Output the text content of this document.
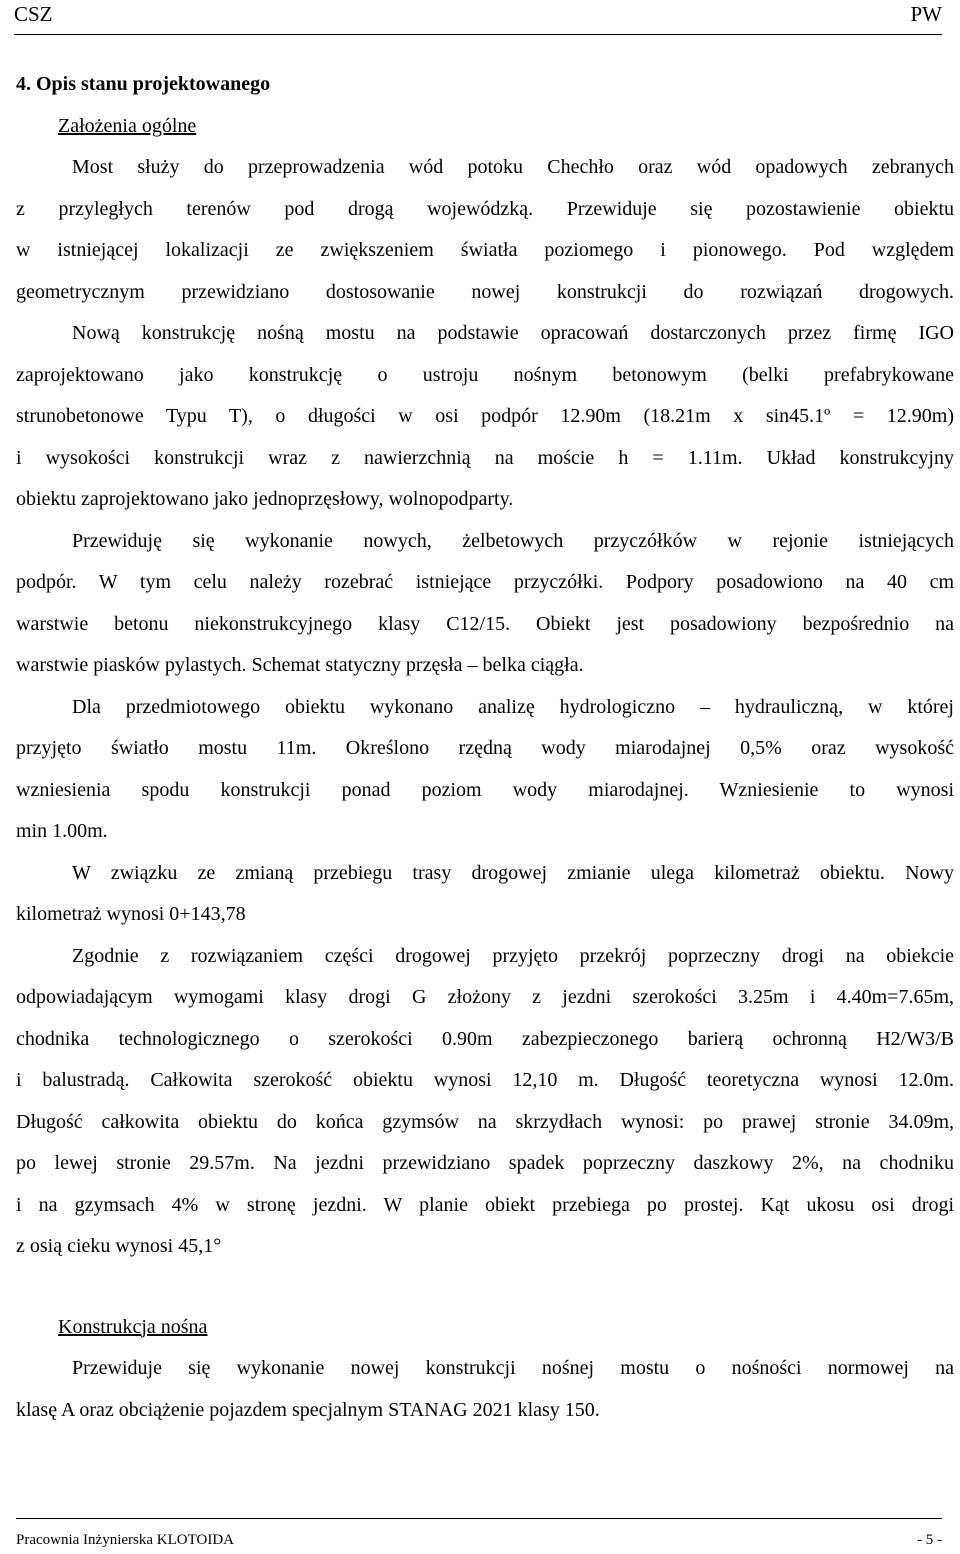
CSZ	PW
4. Opis stanu projektowanego
Założenia ogólne
Most służy do przeprowadzenia wód potoku Chechło oraz wód opadowych zebranych
z przyległych terenów pod drogą wojewódzką. Przewiduje się pozostawienie obiektu
w istniejącej lokalizacji ze zwiększeniem światła poziomego i pionowego. Pod względem
geometrycznym przewidziano dostosowanie nowej konstrukcji do rozwiązań drogowych.
Nową konstrukcję nośną mostu na podstawie opracowań dostarczonych przez firmę IGO
zaprojektowano jako konstrukcję o ustroju nośnym betonowym (belki prefabrykowane
strunobetonowe Typu T), o długości w osi podpór 12.90m (18.21m x sin45.1º = 12.90m)
i wysokości konstrukcji wraz z nawierzchnią na moście h = 1.11m. Układ konstrukcyjny
obiektu zaprojektowano jako jednoprzęsłowy, wolnopodparty.
Przewiduję się wykonanie nowych, żelbetowych przyczółków w rejonie istniejących
podpór. W tym celu należy rozebrać istniejące przyczółki. Podpory posadowiono na 40 cm
warstwie betonu niekonstrukcyjnego klasy C12/15. Obiekt jest posadowiony bezpośrednio na
warstwie piasków pylastych. Schemat statyczny przęsła – belka ciągła.
Dla przedmiotowego obiektu wykonano analizę hydrologiczno – hydrauliczną, w której
przyjęto światło mostu 11m. Określono rzędną wody miarodajnej 0,5% oraz wysokość
wzniesienia spodu konstrukcji ponad poziom wody miarodajnej. Wzniesienie to wynosi
min 1.00m.
W związku ze zmianą przebiegu trasy drogowej zmianie ulega kilometraż obiektu. Nowy
kilometraż wynosi 0+143,78
Zgodnie z rozwiązaniem części drogowej przyjęto przekrój poprzeczny drogi na obiekcie
odpowiadającym wymogami klasy drogi G złożony z jezdni szerokości 3.25m i 4.40m=7.65m,
chodnika technologicznego o szerokości 0.90m zabezpieczonego barierą ochronną H2/W3/B
i balustradą. Całkowita szerokość obiektu wynosi 12,10 m. Długość teoretyczna wynosi 12.0m.
Długość całkowita obiektu do końca gzymsów na skrzydłach wynosi: po prawej stronie 34.09m,
po lewej stronie 29.57m. Na jezdni przewidziano spadek poprzeczny daszkowy 2%, na chodniku
i na gzymsach 4% w stronę jezdni. W planie obiekt przebiega po prostej. Kąt ukosu osi drogi
z osią cieku wynosi 45,1°
Konstrukcja nośna
Przewiduje się wykonanie nowej konstrukcji nośnej mostu o nośności normowej na
klasę A oraz obciążenie pojazdem specjalnym STANAG 2021 klasy 150.
Pracownia Inżynierska KLOTOIDA	- 5 -
